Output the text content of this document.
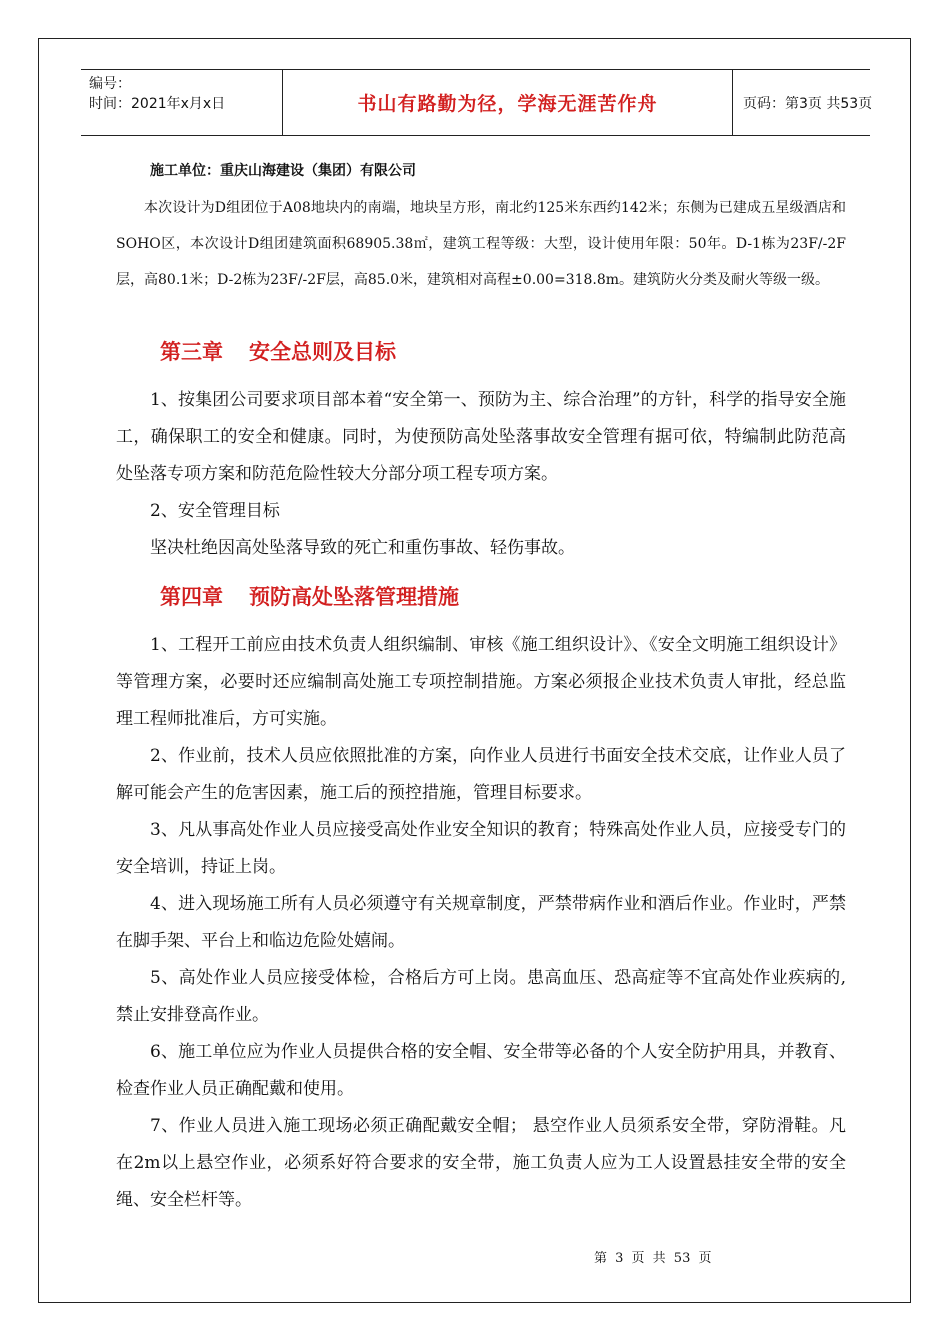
编号：
时间：2021年x月x日	书山有路勤为径，学海无涯苦作舟	页码：第3页 共53页
施工单位：重庆山海建设（集团）有限公司

本次设计为D组团位于A08地块内的南端，地块呈方形，南北约125米东西约142米；东侧为已建成五星级酒店和SOHO区，本次设计D组团建筑面积68905.38㎡，建筑工程等级：大型，设计使用年限：50年。D-1栋为23F/-2F层，高80.1米；D-2栋为23F/-2F层，高85.0米，建筑相对高程±0.00=318.8m。建筑防火分类及耐火等级一级。

第三章 安全总则及目标

1、按集团公司要求项目部本着“安全第一、预防为主、综合治理”的方针，科学的指导安全施工，确保职工的安全和健康。同时，为使预防高处坠落事故安全管理有据可依，特编制此防范高处坠落专项方案和防范危险性较大分部分项工程专项方案。

2、安全管理目标

坚决杜绝因高处坠落导致的死亡和重伤事故、轻伤事故。

第四章 预防高处坠落管理措施

1、工程开工前应由技术负责人组织编制、审核《施工组织设计》、《安全文明施工组织设计》等管理方案，必要时还应编制高处施工专项控制措施。方案必须报企业技术负责人审批，经总监理工程师批准后，方可实施。

2、作业前，技术人员应依照批准的方案，向作业人员进行书面安全技术交底，让作业人员了解可能会产生的危害因素，施工后的预控措施，管理目标要求。

3、凡从事高处作业人员应接受高处作业安全知识的教育；特殊高处作业人员，应接受专门的安全培训，持证上岗。

4、进入现场施工所有人员必须遵守有关规章制度，严禁带病作业和酒后作业。作业时，严禁在脚手架、平台上和临边危险处嬉闹。

5、高处作业人员应接受体检，合格后方可上岗。患高血压、恐高症等不宜高处作业疾病的,禁止安排登高作业。

6、施工单位应为作业人员提供合格的安全帽、安全带等必备的个人安全防护用具，并教育、检查作业人员正确配戴和使用。

7、作业人员进入施工现场必须正确配戴安全帽； 悬空作业人员须系安全带，穿防滑鞋。凡在2m以上悬空作业，必须系好符合要求的安全带，施工负责人应为工人设置悬挂安全带的安全绳、安全栏杆等。

第 3 页 共 53 页
